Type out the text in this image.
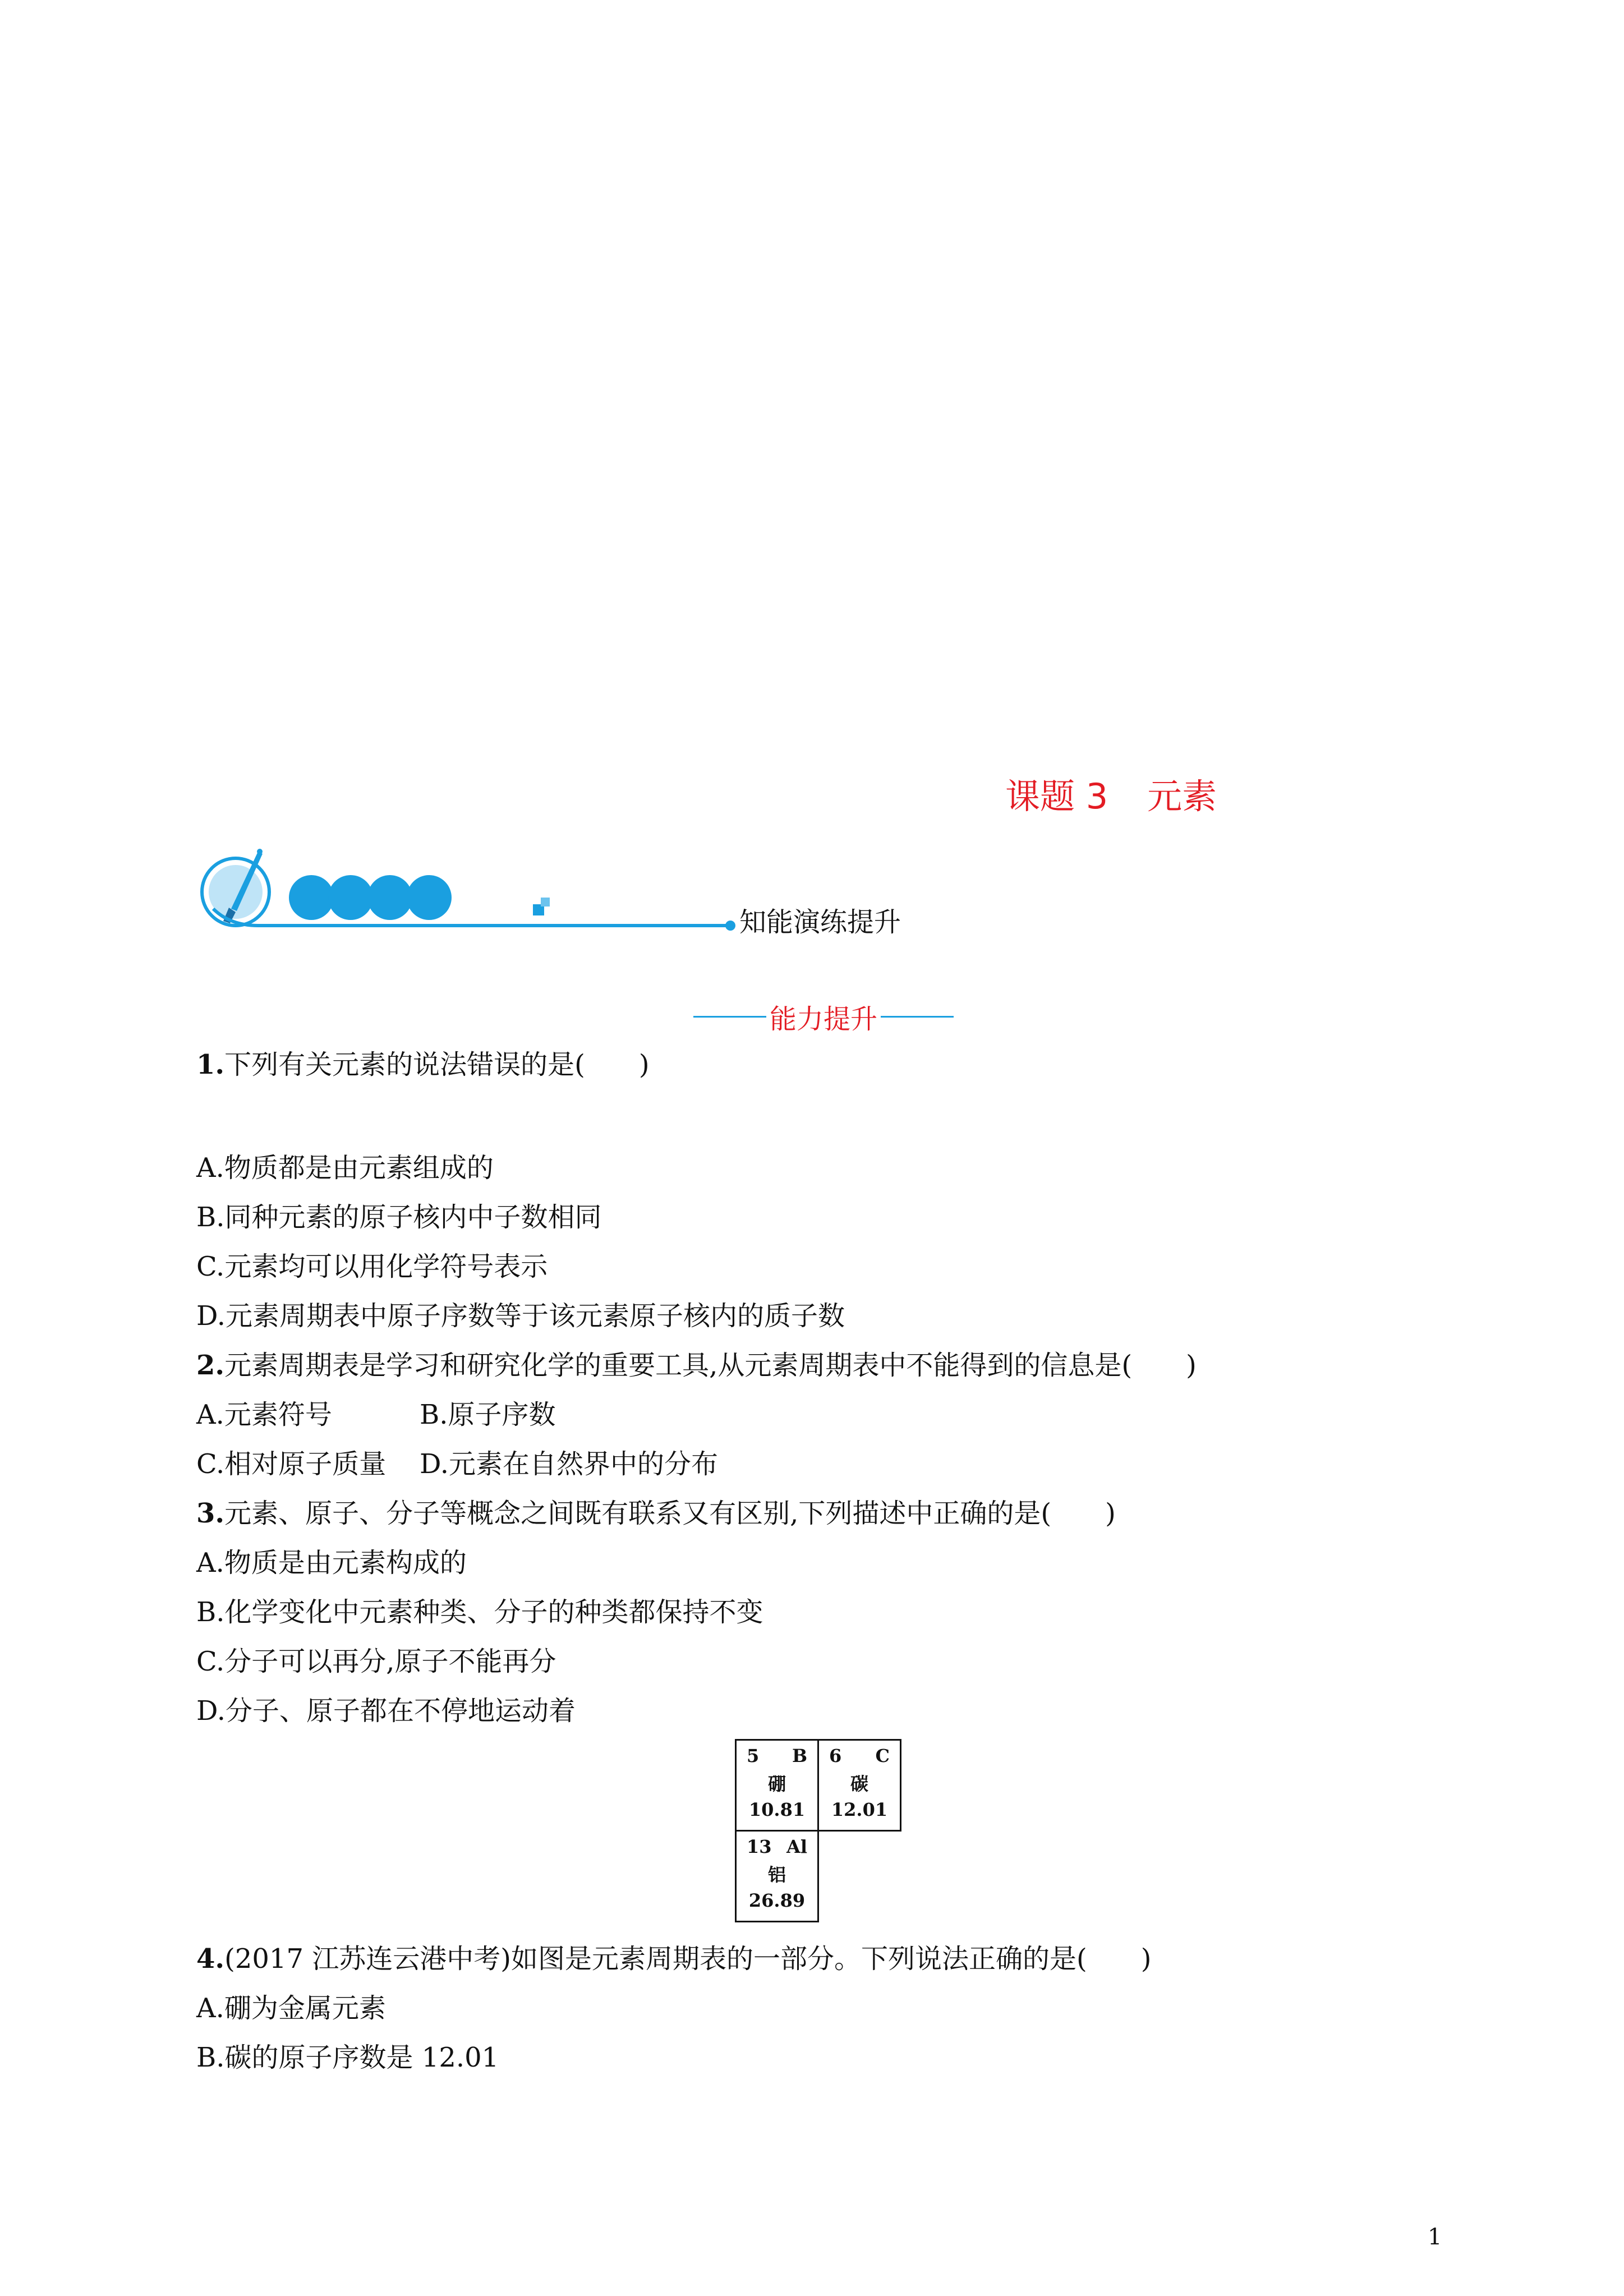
课题 3 元素
知能演练提升
能力提升
1.下列有关元素的说法错误的是(　　)
A.物质都是由元素组成的
B.同种元素的原子核内中子数相同
C.元素均可以用化学符号表示
D.元素周期表中原子序数等于该元素原子核内的质子数
2.元素周期表是学习和研究化学的重要工具,从元素周期表中不能得到的信息是(　　)
A.元素符号	B.原子序数
C.相对原子质量 D.元素在自然界中的分布
3.元素、原子、分子等概念之间既有联系又有区别,下列描述中正确的是(　　)
A.物质是由元素构成的
B.化学变化中元素种类、分子的种类都保持不变
C.分子可以再分,原子不能再分
D.分子、原子都在不停地运动着
5 B
硼
10.81
6 C
碳
12.01
13 Al
铝
26.89
4.(2017 江苏连云港中考)如图是元素周期表的一部分。下列说法正确的是(　　)
A.硼为金属元素
B.碳的原子序数是 12.01
1
